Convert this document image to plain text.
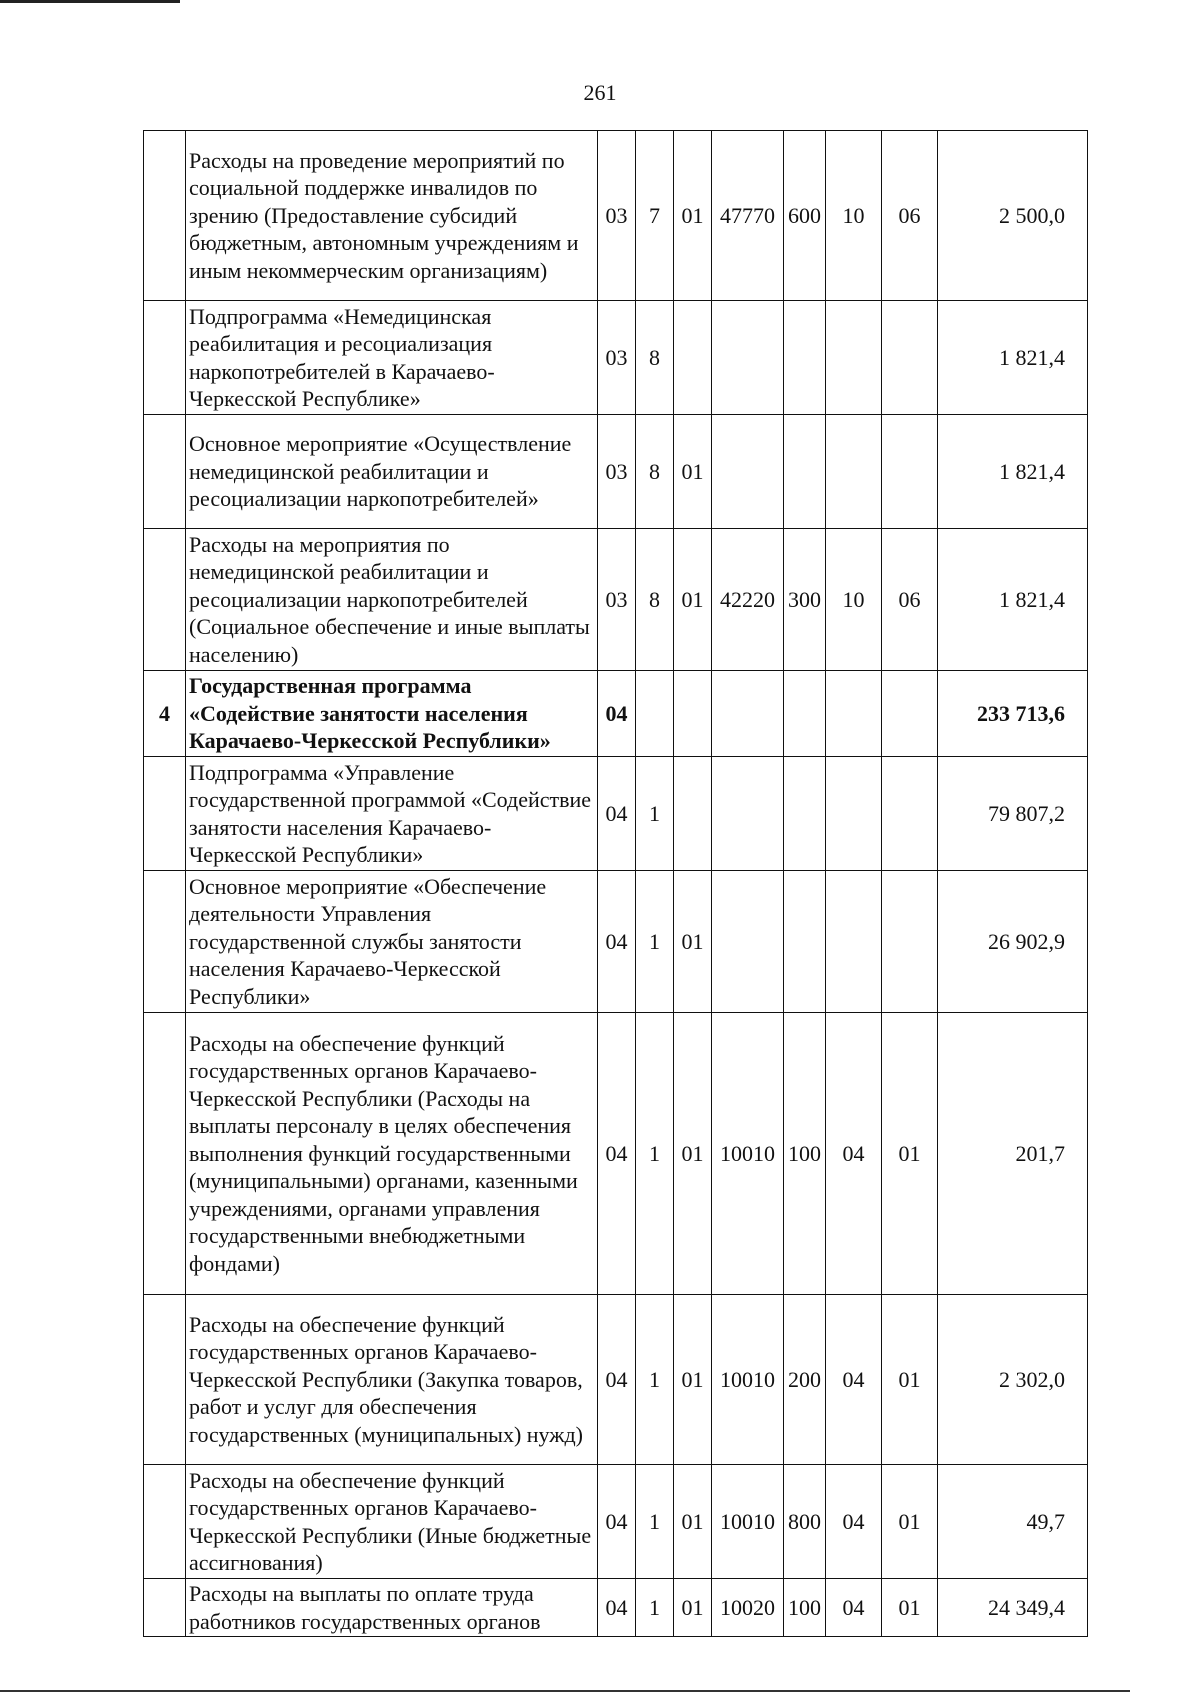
261
	Расходы на проведение мероприятий по социальной поддержке инвалидов по зрению (Предоставление субсидий бюджетным, автономным учреждениям и иным некоммерческим организациям)	03	7	01	47770	600	10	06	2 500,0
	Подпрограмма «Немедицинская реабилитация и ресоциализация наркопотребителей в Карачаево-Черкесской Республике»	03	8						1 821,4
	Основное мероприятие «Осуществление немедицинской реабилитации и ресоциализации наркопотребителей»	03	8	01					1 821,4
	Расходы на мероприятия по немедицинской реабилитации и ресоциализации наркопотребителей (Социальное обеспечение и иные выплаты населению)	03	8	01	42220	300	10	06	1 821,4
4	Государственная программа «Содействие занятости населения Карачаево-Черкесской Республики»	04							233 713,6
	Подпрограмма «Управление государственной программой «Содействие занятости населения Карачаево-Черкесской Республики»	04	1						79 807,2
	Основное мероприятие «Обеспечение деятельности Управления государственной службы занятости населения Карачаево-Черкесской Республики»	04	1	01					26 902,9
	Расходы на обеспечение функций государственных органов Карачаево-Черкесской Республики (Расходы на выплаты персоналу в целях обеспечения выполнения функций государственными (муниципальными) органами, казенными учреждениями, органами управления государственными внебюджетными фондами)	04	1	01	10010	100	04	01	201,7
	Расходы на обеспечение функций государственных органов Карачаево-Черкесской Республики (Закупка товаров, работ и услуг для обеспечения государственных (муниципальных) нужд)	04	1	01	10010	200	04	01	2 302,0
	Расходы на обеспечение функций государственных органов Карачаево-Черкесской Республики (Иные бюджетные ассигнования)	04	1	01	10010	800	04	01	49,7
	Расходы на выплаты по оплате труда работников государственных органов	04	1	01	10020	100	04	01	24 349,4
